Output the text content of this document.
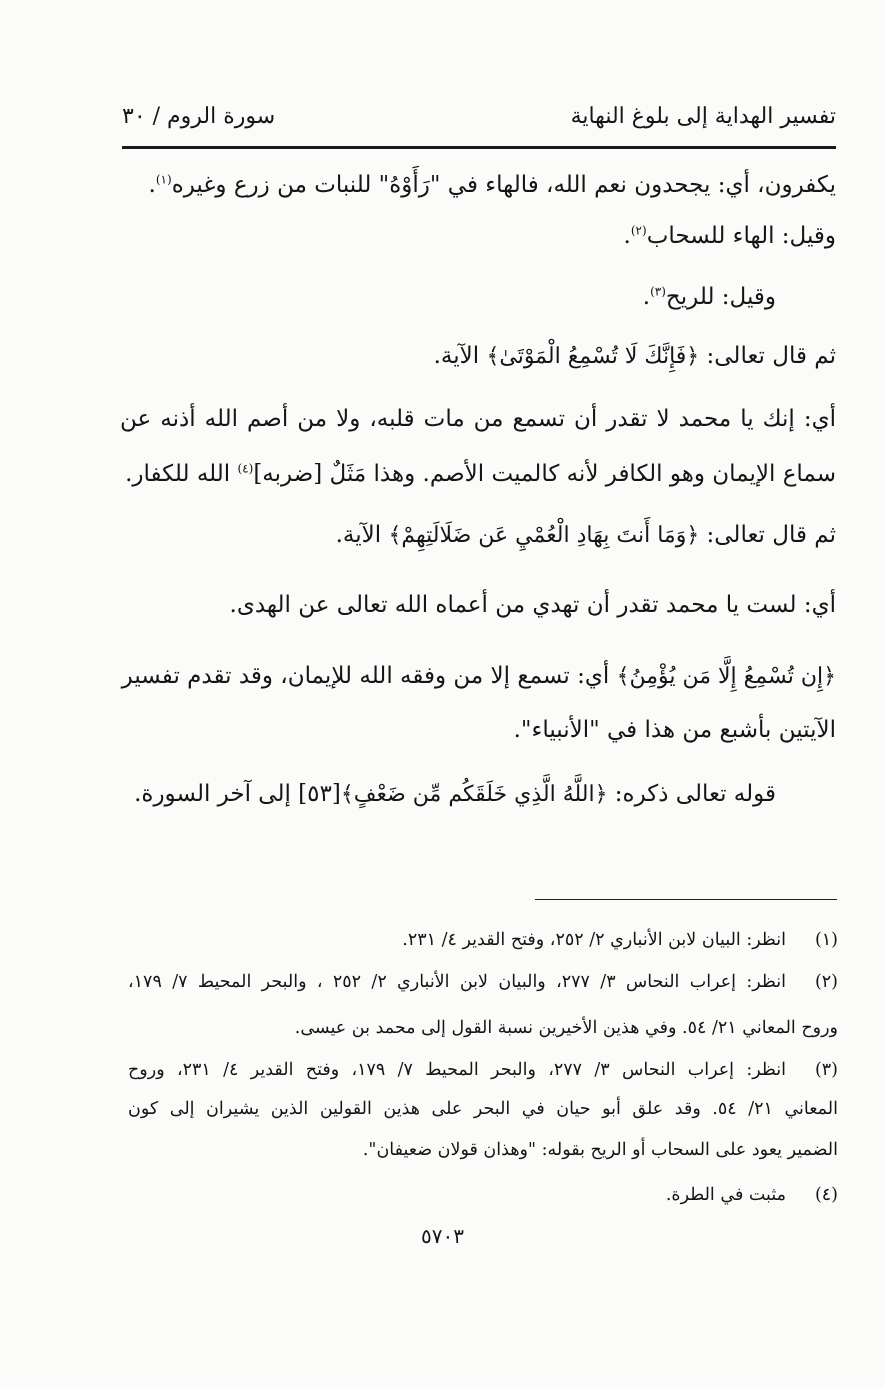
تفسير الهداية إلى بلوغ النهاية
سورة الروم / ٣٠
يكفرون، أي: يجحدون نعم الله، فالهاء في "رَأَوْهُ" للنبات من زرع وغيره$^{(١)}$.
وقيل: الهاء للسحاب$^{(٢)}$.
وقيل: للريح$^{(٣)}$.
ثم قال تعالى: ﴿فَإِنَّكَ لَا تُسْمِعُ الْمَوْتَىٰ﴾ الآية.
أي: إنك يا محمد لا تقدر أن تسمع من مات قلبه، ولا من أصم الله أذنه عن
سماع الإيمان وهو الكافر لأنه كالميت الأصم. وهذا مَثَلٌ [ضربه]$^{(٤)}$ الله للكفار.
ثم قال تعالى: ﴿وَمَا أَنتَ بِهَادِ الْعُمْيِ عَن ضَلَالَتِهِمْ﴾ الآية.
أي: لست يا محمد تقدر أن تهدي من أعماه الله تعالى عن الهدى.
﴿إِن تُسْمِعُ إِلَّا مَن يُؤْمِنُ﴾ أي: تسمع إلا من وفقه الله للإيمان، وقد تقدم تفسير
الآيتين بأشبع من هذا في "الأنبياء".
قوله تعالى ذكره: ﴿اللَّهُ الَّذِي خَلَقَكُم مِّن ضَعْفٍ﴾[٥٣] إلى آخر السورة.
(١)
انظر: البيان لابن الأنباري ٢/ ٢٥٢، وفتح القدير ٤/ ٢٣١.
(٢)
انظر: إعراب النحاس ٣/ ٢٧٧، والبيان لابن الأنباري ٢/ ٢٥٢ ، والبحر المحيط ٧/ ١٧٩،
وروح المعاني ٢١/ ٥٤. وفي هذين الأخيرين نسبة القول إلى محمد بن عيسى.
(٣)
انظر: إعراب النحاس ٣/ ٢٧٧، والبحر المحيط ٧/ ١٧٩، وفتح القدير ٤/ ٢٣١، وروح
المعاني ٢١/ ٥٤. وقد علق أبو حيان في البحر على هذين القولين الذين يشيران إلى كون
الضمير يعود على السحاب أو الريح بقوله: "وهذان قولان ضعيفان".
(٤)
مثبت في الطرة.
٥٧٠٣
